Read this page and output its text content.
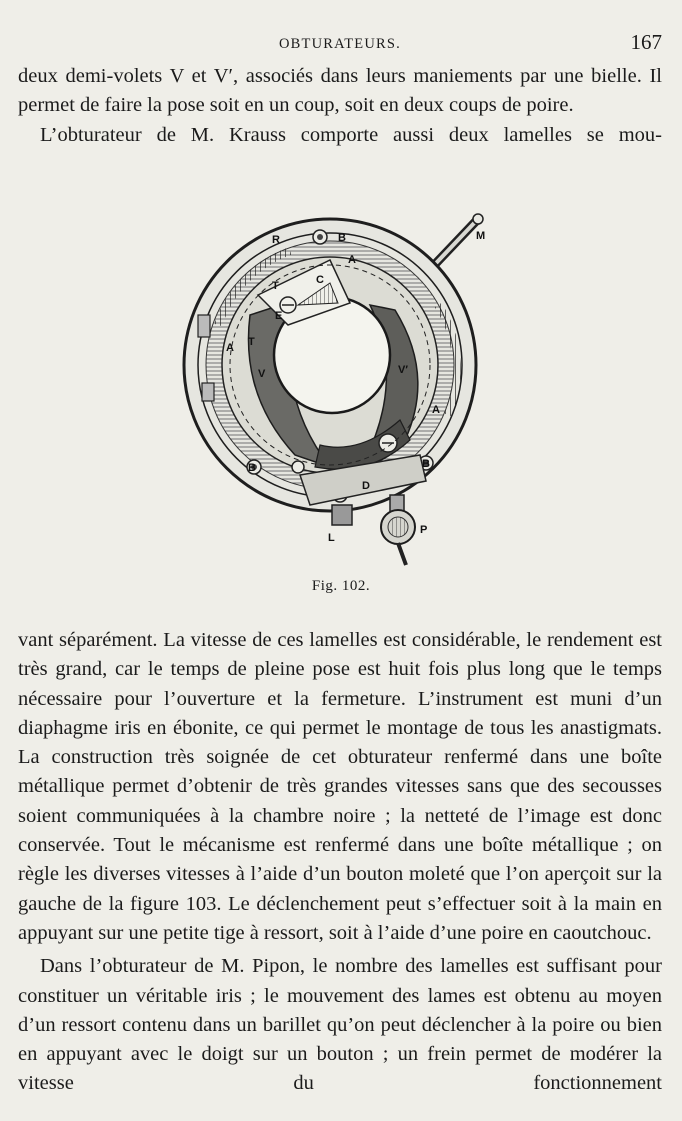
OBTURATEURS.	167

deux demi-volets V et V′, associés dans leurs maniements par une bielle. Il permet de faire la pose soit en un coup, soit en deux coups de poire.

L’obturateur de M. Krauss comporte aussi deux lamelles se mou-

M
R	B
A
C
T
E
A T
V	V′
A
B
B
D
L
P
Fig. 102.

vant séparément. La vitesse de ces lamelles est considérable, le rendement est très grand, car le temps de pleine pose est huit fois plus long que le temps nécessaire pour l’ouverture et la fermeture. L’instrument est muni d’un diaphagme iris en ébonite, ce qui permet le montage de tous les anastigmats. La construction très soignée de cet obturateur renfermé dans une boîte métallique permet d’obtenir de très grandes vitesses sans que des secousses soient communiquées à la chambre noire ; la netteté de l’image est donc conservée. Tout le mécanisme est renfermé dans une boîte métallique ; on règle les diverses vitesses à l’aide d’un bouton moleté que l’on aperçoit sur la gauche de la figure 103. Le déclenchement peut s’effectuer soit à la main en appuyant sur une petite tige à ressort, soit à l’aide d’une poire en caoutchouc.

Dans l’obturateur de M. Pipon, le nombre des lamelles est suffisant pour constituer un véritable iris ; le mouvement des lames est obtenu au moyen d’un ressort contenu dans un barillet qu’on peut déclencher à la poire ou bien en appuyant avec le doigt sur un bouton ; un frein permet de modérer la vitesse du fonctionnement
